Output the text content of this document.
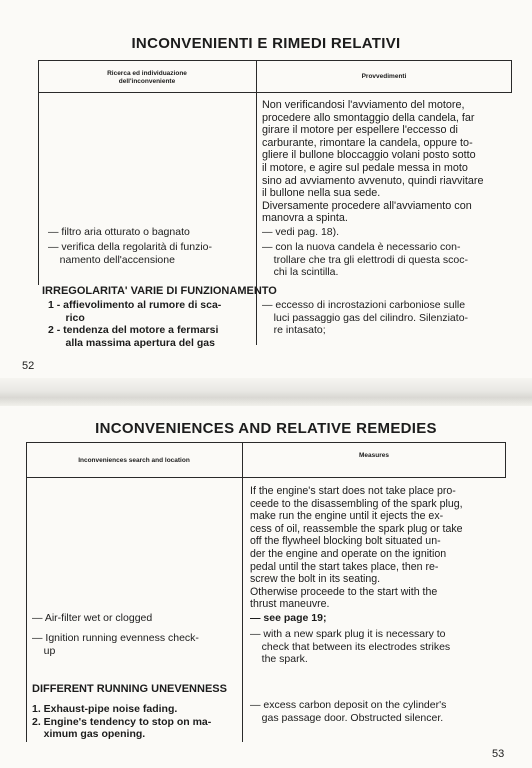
INCONVENIENTI E RIMEDI RELATIVI
Ricerca ed individuazione
dell'inconveniente
Provvedimenti
Non verificandosi l'avviamento del motore,
procedere allo smontaggio della candela, far
girare il motore per espellere l'eccesso di
carburante, rimontare la candela, oppure to-
gliere il bullone bloccaggio volani posto sotto
il motore, e agire sul pedale messa in moto
sino ad avviamento avvenuto, quindi riavvitare
il bullone nella sua sede.
Diversamente procedere all'avviamento con
manovra a spinta.
— filtro aria otturato o bagnato
— verifica della regolarità di funzio-
namento dell'accensione
— vedi pag. 18).
— con la nuova candela è necessario con-
trollare che tra gli elettrodi di questa scoc-
chi la scintilla.
IRREGOLARITA' VARIE DI FUNZIONAMENTO
1 - affievolimento al rumore di sca-
rico
2 - tendenza del motore a fermarsi
alla massima apertura del gas
— eccesso di incrostazioni carboniose sulle
luci passaggio gas del cilindro. Silenziato-
re intasato;
52
INCONVENIENCES AND RELATIVE REMEDIES
Inconveniences search and location
Measures
If the engine's start does not take place pro-
ceede to the disassembling of the spark plug,
make run the engine until it ejects the ex-
cess of oil, reassemble the spark plug or take
off the flywheel blocking bolt situated un-
der the engine and operate on the ignition
pedal until the start takes place, then re-
screw the bolt in its seating.
Otherwise proceede to the start with the
thrust maneuvre.
— Air-filter wet or clogged
— Ignition running evenness check-
up
— see page 19;
— with a new spark plug it is necessary to
check that between its electrodes strikes
the spark.
DIFFERENT RUNNING UNEVENNESS
1. Exhaust-pipe noise fading.
2. Engine's tendency to stop on ma-
ximum gas opening.
— excess carbon deposit on the cylinder's
gas passage door. Obstructed silencer.
53
